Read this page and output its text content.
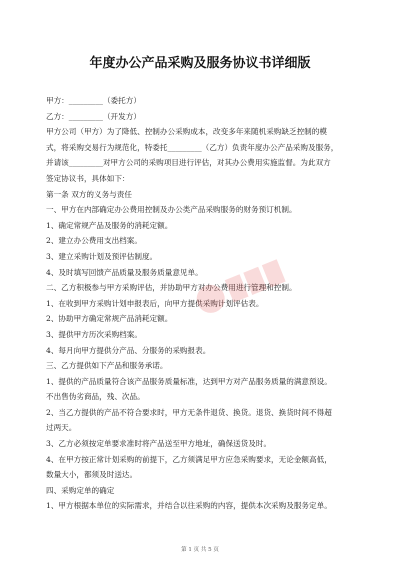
年度办公产品采购及服务协议书详细版
甲方：_________（委托方）
乙方：_________（开发方）
甲方公司（甲方）为了降低、控制办公采购成本，改变多年来随机采购缺乏控制的模
式，将采购交易行为规范化，特委托_________（乙方）负责年度办公产品采购及服务，
并请该_________对甲方公司的采购项目进行评估，对其办公费用实施监督。为此双方
签定协议书，具体如下：
第一条 双方的义务与责任
一、甲方在内部确定办公费用控制及办公类产品采购服务的财务预订机制。
1、确定常规产品及服务的消耗定额。
2、建立办公费用支出档案。
3、建立采购计划及预评估制度。
4、及时填写回馈产品质量及服务质量意见单。
二、乙方积极参与甲方采购评估，并协助甲方对办公费用进行管理和控制。
1、在收到甲方采购计划申报表后，向甲方提供采购计划评估表。
2、协助甲方确定常规产品消耗定额。
3、提供甲方历次采购档案。
4、每月向甲方提供分产品、分服务的采购报表。
三、乙方提供如下产品和服务承诺。
1、提供的产品质量符合该产品服务质量标准，达到甲方对产品服务质量的满意预设。
不出售伪劣商品，残、次品。
2、当乙方提供的产品不符合要求时，甲方无条件退货、换货。退货、换货时间不得超
过两天。
3、乙方必须按定单要求准时将产品送至甲方地址，确保送货及时。
4、在甲方按正常计划采购的前提下，乙方须满足甲方应急采购要求，无论金额高低，
数量大小，都须及时送达。
四、采购定单的确定
1、甲方根据本单位的实际需求，并结合以往采购的内容，提供本次采购及服务定单。
第 1 页 共 5 页
